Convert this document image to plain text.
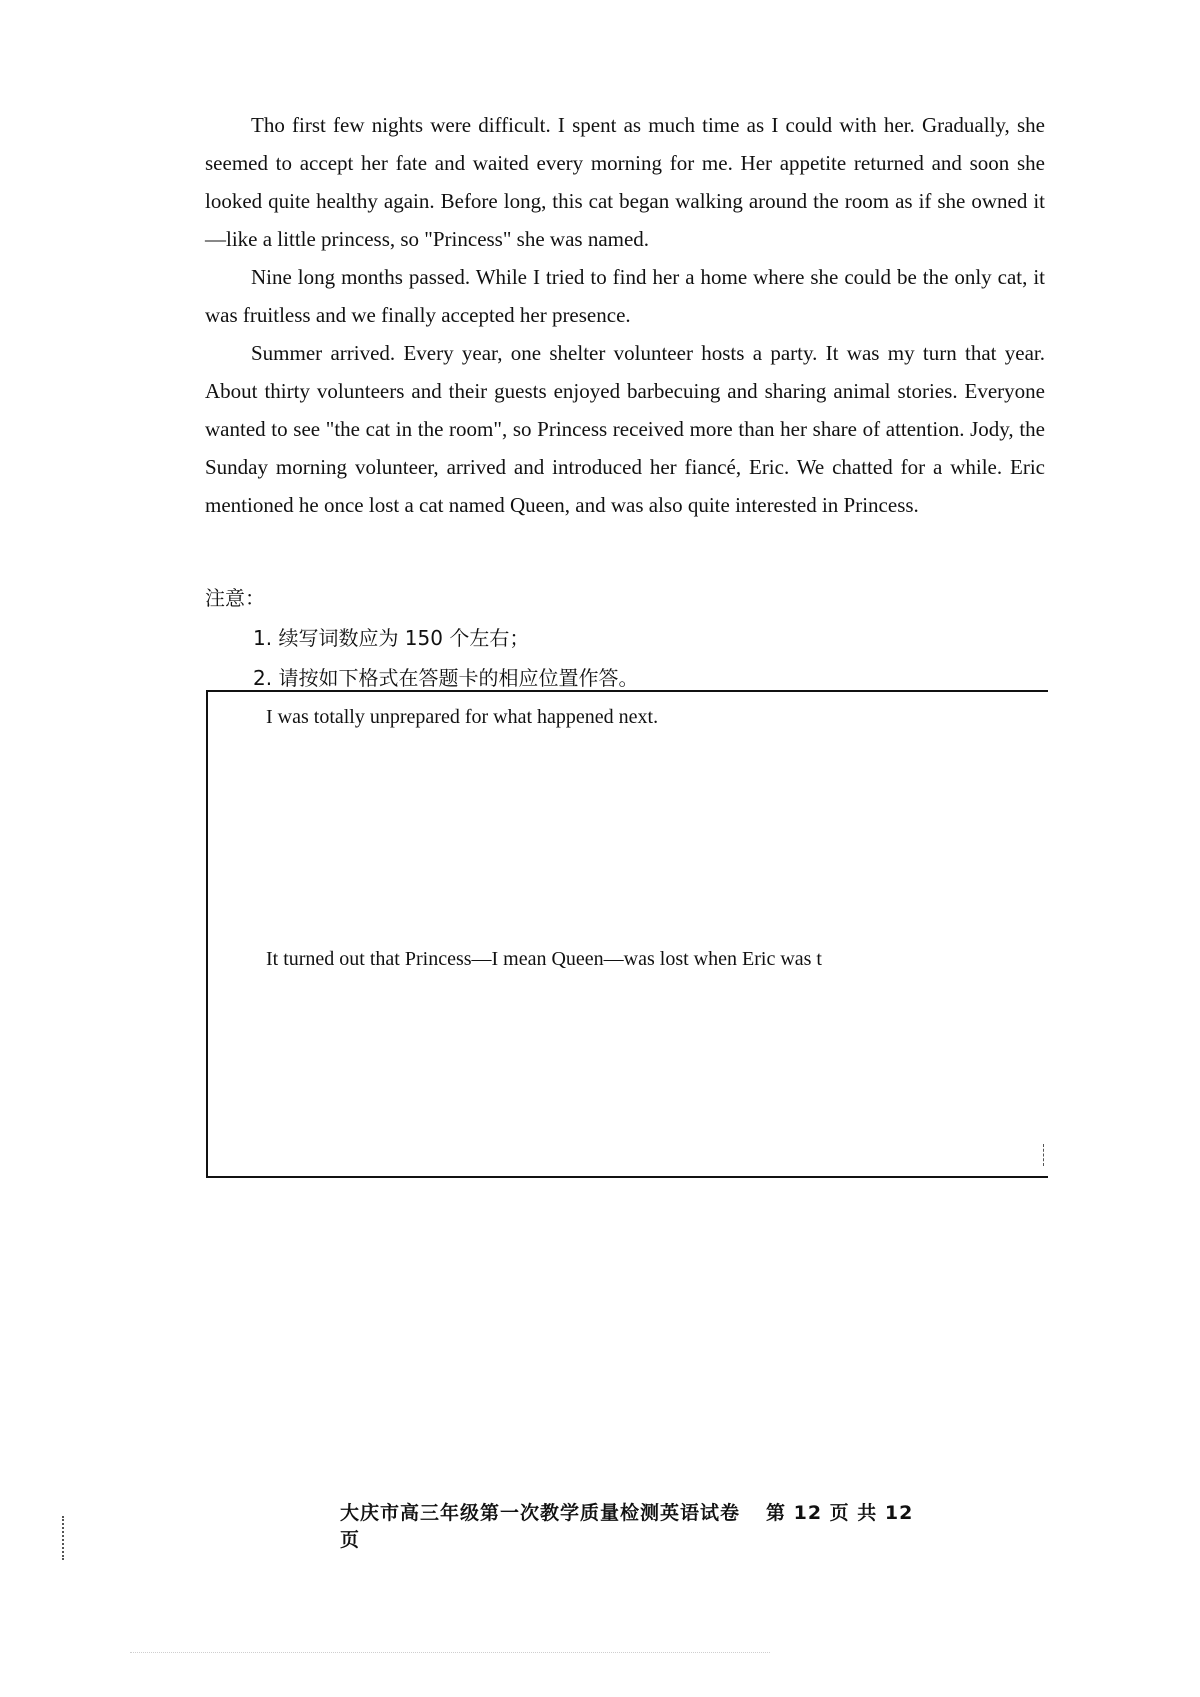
Tho first few nights were difficult. I spent as much time as I could with her. Gradually, she seemed to accept her fate and waited every morning for me. Her appetite returned and soon she looked quite healthy again. Before long, this cat began walking around the room as if she owned it—like a little princess, so "Princess" she was named.

Nine long months passed. While I tried to find her a home where she could be the only cat, it was fruitless and we finally accepted her presence.

Summer arrived. Every year, one shelter volunteer hosts a party. It was my turn that year. About thirty volunteers and their guests enjoyed barbecuing and sharing animal stories. Everyone wanted to see "the cat in the room", so Princess received more than her share of attention. Jody, the Sunday morning volunteer, arrived and introduced her fiancé, Eric. We chatted for a while. Eric mentioned he once lost a cat named Queen, and was also quite interested in Princess.

注意：
1. 续写词数应为 150 个左右；
2. 请按如下格式在答题卡的相应位置作答。
I was totally unprepared for what happened next.
It turned out that Princess—I mean Queen—was lost when Eric was t
大庆市高三年级第一次教学质量检测英语试卷 第 12 页 共 12 页
